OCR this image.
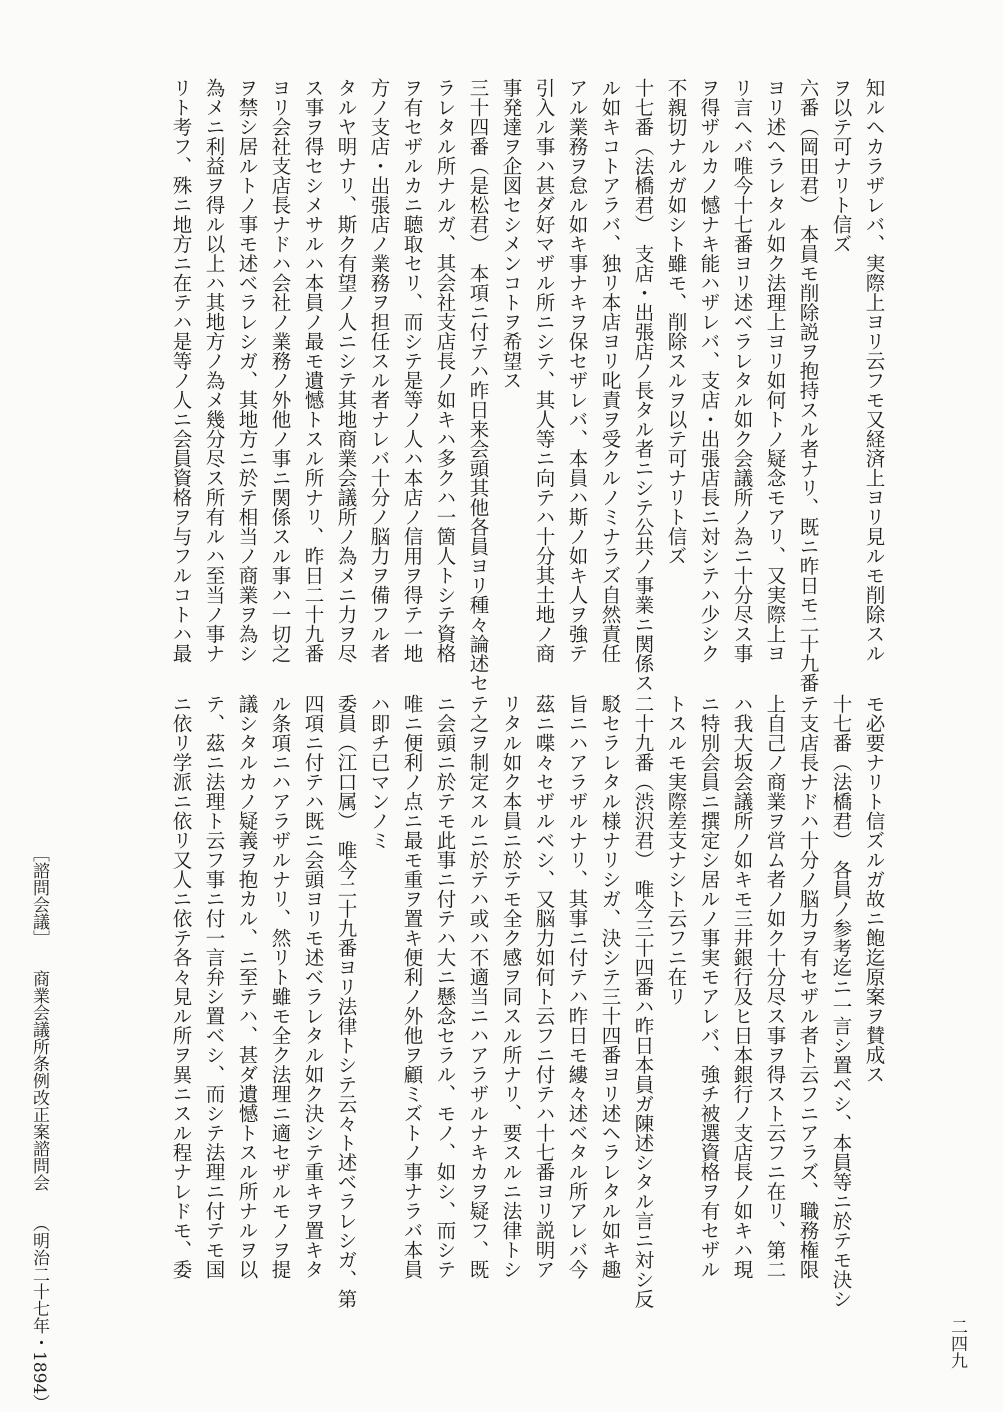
知ルヘカラザレバ、実際上ヨリ云フモ又経済上ヨリ見ルモ削除スル
ヲ以テ可ナリト信ズ
六番（岡田君）　本員モ削除説ヲ抱持スル者ナリ、既ニ昨日モ二十九番
ヨリ述ヘラレタル如ク法理上ヨリ如何トノ疑念モアリ、又実際上ヨ
リ言ヘバ唯今十七番ヨリ述ベラレタル如ク会議所ノ為ニ十分尽ス事
ヲ得ザルカノ憾ナキ能ハザレバ、支店・出張店長ニ対シテハ少シク
不親切ナルガ如シト雖モ、削除スルヲ以テ可ナリト信ズ
十七番（法橋君）　支店・出張店ノ長タル者ニシテ公共ノ事業ニ関係ス
ル如キコトアラバ、独リ本店ヨリ叱責ヲ受クルノミナラズ自然責任
アル業務ヲ怠ル如キ事ナキヲ保セザレバ、本員ハ斯ノ如キ人ヲ強テ
引入ル事ハ甚ダ好マザル所ニシテ、其人等ニ向テハ十分其土地ノ商
事発達ヲ企図セシメンコトヲ希望ス
三十四番（是松君）　本項ニ付テハ昨日来会頭其他各員ヨリ種々論述セ
ラレタル所ナルガ、其会社支店長ノ如キハ多クハ一箇人トシテ資格
ヲ有セザルカニ聴取セリ、而シテ是等ノ人ハ本店ノ信用ヲ得テ一地
方ノ支店・出張店ノ業務ヲ担任スル者ナレバ十分ノ脳力ヲ備フル者
タルヤ明ナリ、斯ク有望ノ人ニシテ其地商業会議所ノ為メニ力ヲ尽
ス事ヲ得セシメサルハ本員ノ最モ遺憾トスル所ナリ、昨日二十九番
ヨリ会社支店長ナドハ会社ノ業務ノ外他ノ事ニ関係スル事ハ一切之
ヲ禁シ居ルトノ事モ述ベラレシガ、其地方ニ於テ相当ノ商業ヲ為シ
為メニ利益ヲ得ル以上ハ其地方ノ為メ幾分尽ス所有ルハ至当ノ事ナ
リト考フ、殊ニ地方ニ在テハ是等ノ人ニ会員資格ヲ与フルコトハ最
モ必要ナリト信ズルガ故ニ飽迄原案ヲ賛成ス
十七番（法橋君）　各員ノ参考迄ニ一言シ置ベシ、本員等ニ於テモ決シ
テ支店長ナドハ十分ノ脳力ヲ有セザル者ト云フニアラズ、職務権限
上自己ノ商業ヲ営ム者ノ如ク十分尽ス事ヲ得スト云フニ在リ、第二
ハ我大坂会議所ノ如キモ三井銀行及ヒ日本銀行ノ支店長ノ如キハ現
ニ特別会員ニ撰定シ居ルノ事実モアレバ、強チ被選資格ヲ有セザル
トスルモ実際差支ナシト云フニ在リ
二十九番（渋沢君）　唯今三十四番ハ昨日本員ガ陳述シタル言ニ対シ反
駁セラレタル様ナリシガ、決シテ三十四番ヨリ述ヘラレタル如キ趣
旨ニハアラザルナリ、其事ニ付テハ昨日モ縷々述ベタル所アレバ今
茲ニ喋々セザルベシ、又脳力如何ト云フニ付テハ十七番ヨリ説明ア
リタル如ク本員ニ於テモ全ク感ヲ同スル所ナリ、要スルニ法律トシ
テ之ヲ制定スルニ於テハ或ハ不適当ニハアラザルナキカヲ疑フ、既
ニ会頭ニ於テモ此事ニ付テハ大ニ懸念セラル、モノ、如シ、而シテ
唯ニ便利ノ点ニ最モ重ヲ置キ便利ノ外他ヲ顧ミズトノ事ナラバ本員
ハ即チ已マンノミ
委員（江口属）　唯今二十九番ヨリ法律トシテ云々ト述ベラレシガ、第
四項ニ付テハ既ニ会頭ヨリモ述ベラレタル如ク決シテ重キヲ置キタ
ル条項ニハアラザルナリ、然リト雖モ全ク法理ニ適セザルモノヲ提
議シタルカノ疑義ヲ抱カル、ニ至テハ、甚ダ遺憾トスル所ナルヲ以
テ、茲ニ法理ト云フ事ニ付一言弁シ置ベシ、而シテ法理ニ付テモ国
ニ依リ学派ニ依リ又人ニ依テ各々見ル所ヲ異ニスル程ナレドモ、委
［諮問会議］ 商業会議所条例改正案諮問会 （明治二十七年・1894）	二四九
